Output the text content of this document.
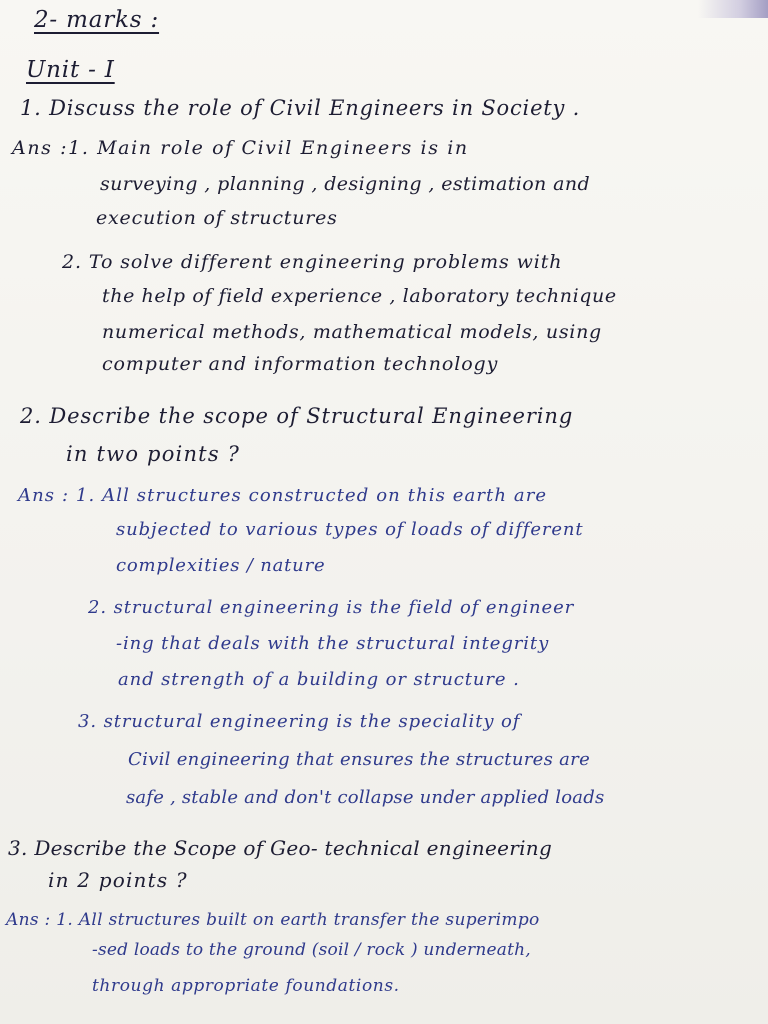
2- marks :
Unit - I
1. Discuss the role of Civil Engineers in Society .
Ans :1. Main role of Civil Engineers is in
surveying , planning , designing , estimation and
execution of structures
2. To solve different engineering problems with
the help of field experience , laboratory technique
numerical methods, mathematical models, using
computer and information technology
2. Describe the scope of Structural Engineering
in two points ?
Ans : 1. All structures constructed on this earth are
subjected to various types of loads of different
complexities / nature
2. structural engineering is the field of engineer
-ing that deals with the structural integrity
and strength of a building or structure .
3. structural engineering is the speciality of
Civil engineering that ensures the structures are
safe , stable and don't collapse under applied loads
3. Describe the Scope of Geo- technical engineering
in 2 points ?
Ans : 1. All structures built on earth transfer the superimpo
-sed loads to the ground (soil / rock ) underneath,
through appropriate foundations.
